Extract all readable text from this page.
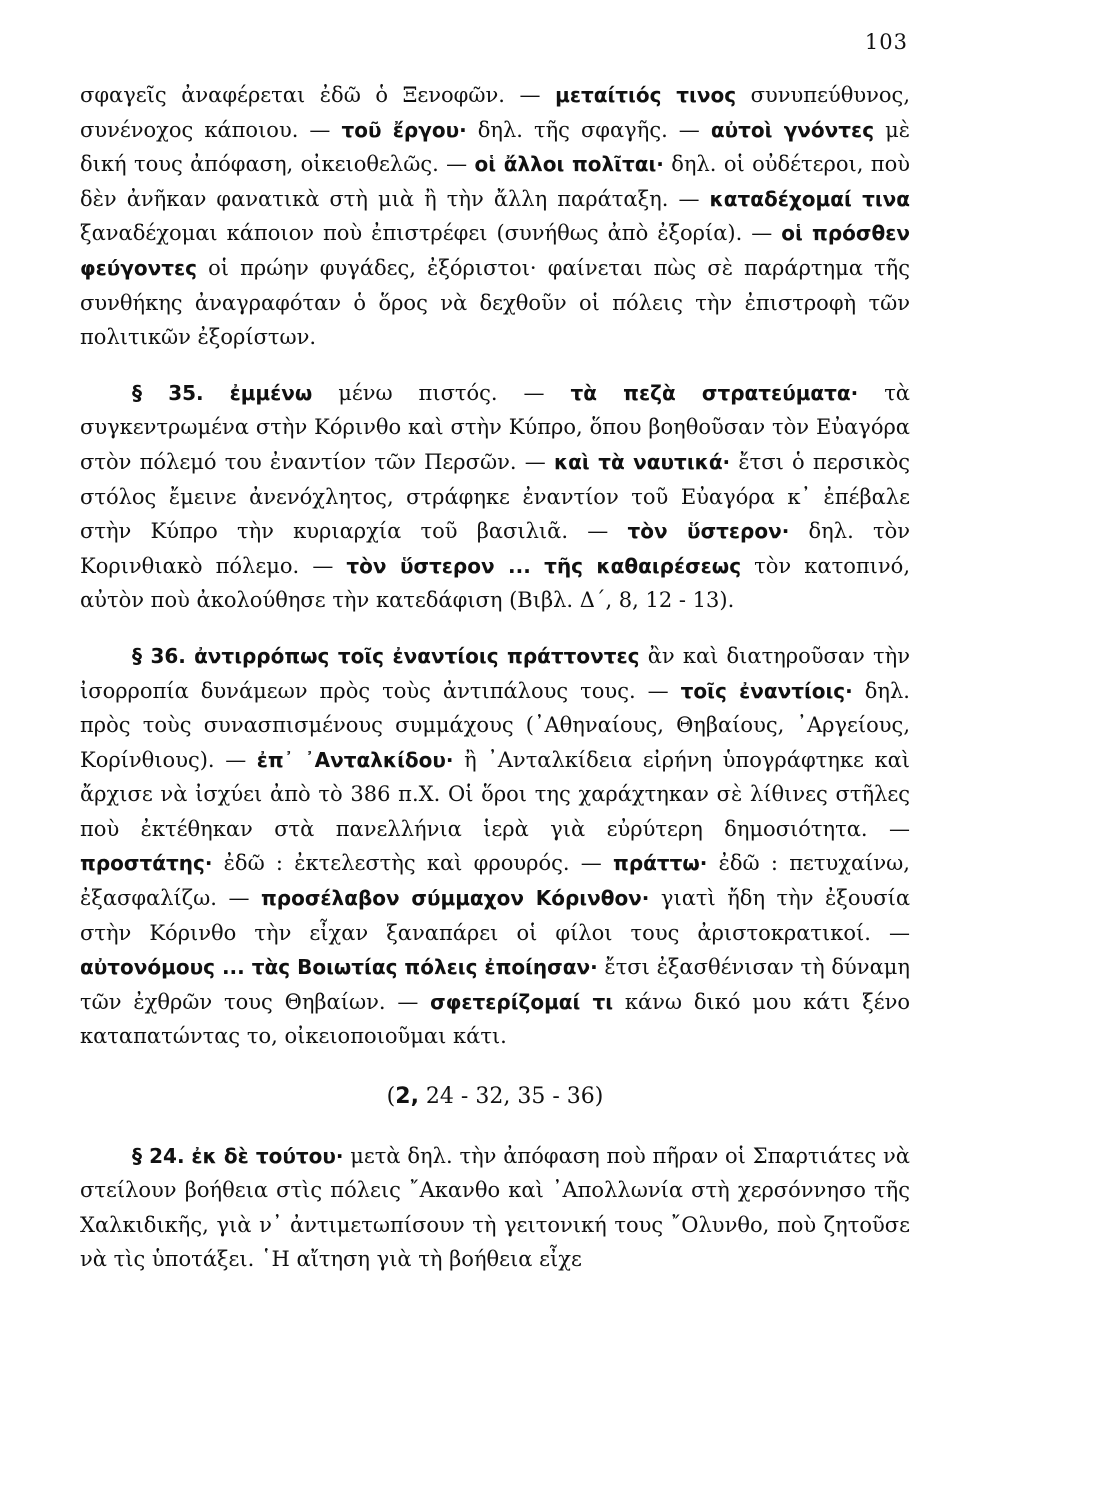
103

σφαγεῖς ἀναφέρεται ἐδῶ ὁ Ξενοφῶν. — μεταίτιός τινος συνυπεύθυνος, συνένοχος κάποιου. — τοῦ ἔργου· δηλ. τῆς σφαγῆς. — αὐτοὶ γνόντες μὲ δική τους ἀπόφαση, οἰκειοθελῶς. — οἱ ἄλλοι πολῖται· δηλ. οἱ οὐδέτεροι, ποὺ δὲν ἀνῆκαν φανατικὰ στὴ μιὰ ἢ τὴν ἄλλη παράταξη. — καταδέχομαί τινα ξαναδέχομαι κάποιον ποὺ ἐπιστρέφει (συνήθως ἀπὸ ἐξορία). — οἱ πρόσθεν φεύγοντες οἱ πρώην φυγάδες, ἐξόριστοι· φαίνεται πὼς σὲ παράρτημα τῆς συνθήκης ἀναγραφόταν ὁ ὅρος νὰ δεχθοῦν οἱ πόλεις τὴν ἐπιστροφὴ τῶν πολιτικῶν ἐξορίστων.

§ 35. ἐμμένω μένω πιστός. — τὰ πεζὰ στρατεύματα· τὰ συγκεντρωμένα στὴν Κόρινθο καὶ στὴν Κύπρο, ὅπου βοηθοῦσαν τὸν Εὐαγόρα στὸν πόλεμό του ἐναντίον τῶν Περσῶν. — καὶ τὰ ναυτικά· ἔτσι ὁ περσικὸς στόλος ἔμεινε ἀνενόχλητος, στράφηκε ἐναντίον τοῦ Εὐαγόρα κ᾽ ἐπέβαλε στὴν Κύπρο τὴν κυριαρχία τοῦ βασιλιᾶ. — τὸν ὕστερον· δηλ. τὸν Κορινθιακὸ πόλεμο. — τὸν ὕστερον ... τῆς καθαιρέσεως τὸν κατοπινό, αὐτὸν ποὺ ἀκολούθησε τὴν κατεδάφιση (Βιβλ. Δ΄, 8, 12 - 13).

§ 36. ἀντιρρόπως τοῖς ἐναντίοις πράττοντες ἂν καὶ διατηροῦσαν τὴν ἰσορροπία δυνάμεων πρὸς τοὺς ἀντιπάλους τους. — τοῖς ἐναντίοις· δηλ. πρὸς τοὺς συνασπισμένους συμμάχους (᾽Αθηναίους, Θηβαίους, ᾽Αργείους, Κορίνθιους). — ἐπ᾽ ᾽Ανταλκίδου· ἢ ᾽Ανταλκίδεια εἰρήνη ὑπογράφτηκε καὶ ἄρχισε νὰ ἰσχύει ἀπὸ τὸ 386 π.Χ. Οἱ ὅροι της χαράχτηκαν σὲ λίθινες στῆλες ποὺ ἐκτέθηκαν στὰ πανελλήνια ἱερὰ γιὰ εὐρύτερη δημοσιότητα. — προστάτης· ἐδῶ : ἐκτελεστὴς καὶ φρουρός. — πράττω· ἐδῶ : πετυχαίνω, ἐξασφαλίζω. — προσέλαβον σύμμαχον Κόρινθον· γιατὶ ἤδη τὴν ἐξουσία στὴν Κόρινθο τὴν εἶχαν ξαναπάρει οἱ φίλοι τους ἀριστοκρατικοί. — αὐτονόμους ... τὰς Βοιωτίας πόλεις ἐποίησαν· ἔτσι ἐξασθένισαν τὴ δύναμη τῶν ἐχθρῶν τους Θηβαίων. — σφετερίζομαί τι κάνω δικό μου κάτι ξένο καταπατώντας το, οἰκειοποιοῦμαι κάτι.

(2, 24 - 32, 35 - 36)

§ 24. ἐκ δὲ τούτου· μετὰ δηλ. τὴν ἀπόφαση ποὺ πῆραν οἱ Σπαρτιάτες νὰ στείλουν βοήθεια στὶς πόλεις ῎Ακανθο καὶ ᾽Απολλωνία στὴ χερσόννησο τῆς Χαλκιδικῆς, γιὰ ν᾽ ἀντιμετωπίσουν τὴ γειτονική τους ῎Ολυνθο, ποὺ ζητοῦσε νὰ τὶς ὑποτάξει. ῾Η αἴτηση γιὰ τὴ βοήθεια εἶχε
